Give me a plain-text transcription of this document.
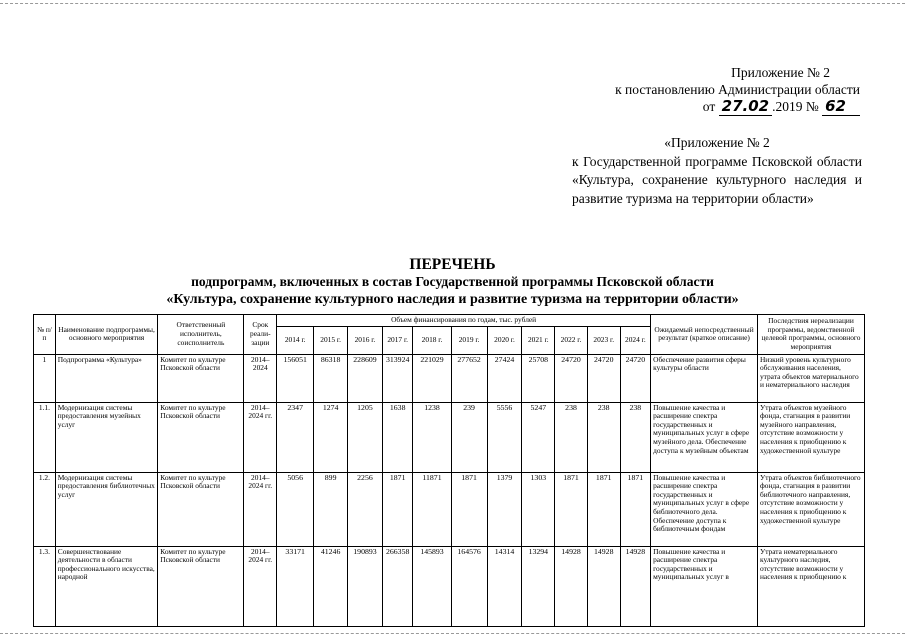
Приложение № 2
к постановлению Администрации области
от 27.02 .2019 № 62
«Приложение № 2
к Государственной программе Псковской области «Культура, сохранение культурного наследия и развитие туризма на территории области»
ПЕРЕЧЕНЬ
подпрограмм, включенных в состав Государственной программы Псковской области
«Культура, сохранение культурного наследия и развитие туризма на территории области»
№ п/п	Наименование подпрограммы, основного мероприятия	Ответственный исполнитель, соисполнитель	Срок реали-зации	Объем финансирования по годам, тыс. рублей											Ожидаемый непосредственный результат (краткое описание)	Последствия нереализации программы, ведомственной целевой программы, основного мероприятия
				2014 г.	2015 г.	2016 г.	2017 г.	2018 г.	2019 г.	2020 г.	2021 г.	2022 г.	2023 г.	2024 г.		
1	Подпрограмма «Культура»	Комитет по культуре Псковской области	2014–2024	156051	86318	228609	313924	221029	277652	27424	25708	24720	24720	24720	Обеспечение развития сферы культуры области	Низкий уровень культурного обслуживания населения, утрата объектов материального и нематериального наследия
1.1.	Модернизация системы предоставления музейных услуг	Комитет по культуре Псковской области	2014–2024 гг.	2347	1274	1205	1638	1238	239	5556	5247	238	238	238	Повышение качества и расширение спектра государственных и муниципальных услуг в сфере музейного дела. Обеспечение доступа к музейным объектам	Утрата объектов музейного фонда, стагнация в развитии музейного направления, отсутствие возможности у населения к приобщению к художественной культуре
1.2.	Модернизация системы предоставления библиотечных услуг	Комитет по культуре Псковской области	2014–2024 гг.	5056	899	2256	1871	11871	1871	1379	1303	1871	1871	1871	Повышение качества и расширение спектра государственных и муниципальных услуг в сфере библиотечного дела. Обеспечение доступа к библиотечным фондам	Утрата объектов библиотечного фонда, стагнация в развитии библиотечного направления, отсутствие возможности у населения к приобщению к художественной культуре
1.3.	Совершенствование деятельности в области профессионального искусства, народной	Комитет по культуре Псковской области	2014–2024 гг.	33171	41246	190893	266358	145893	164576	14314	13294	14928	14928	14928	Повышение качества и расширение спектра государственных и муниципальных услуг в	Утрата нематериального культурного наследия, отсутствие возможности у населения к приобщению к
